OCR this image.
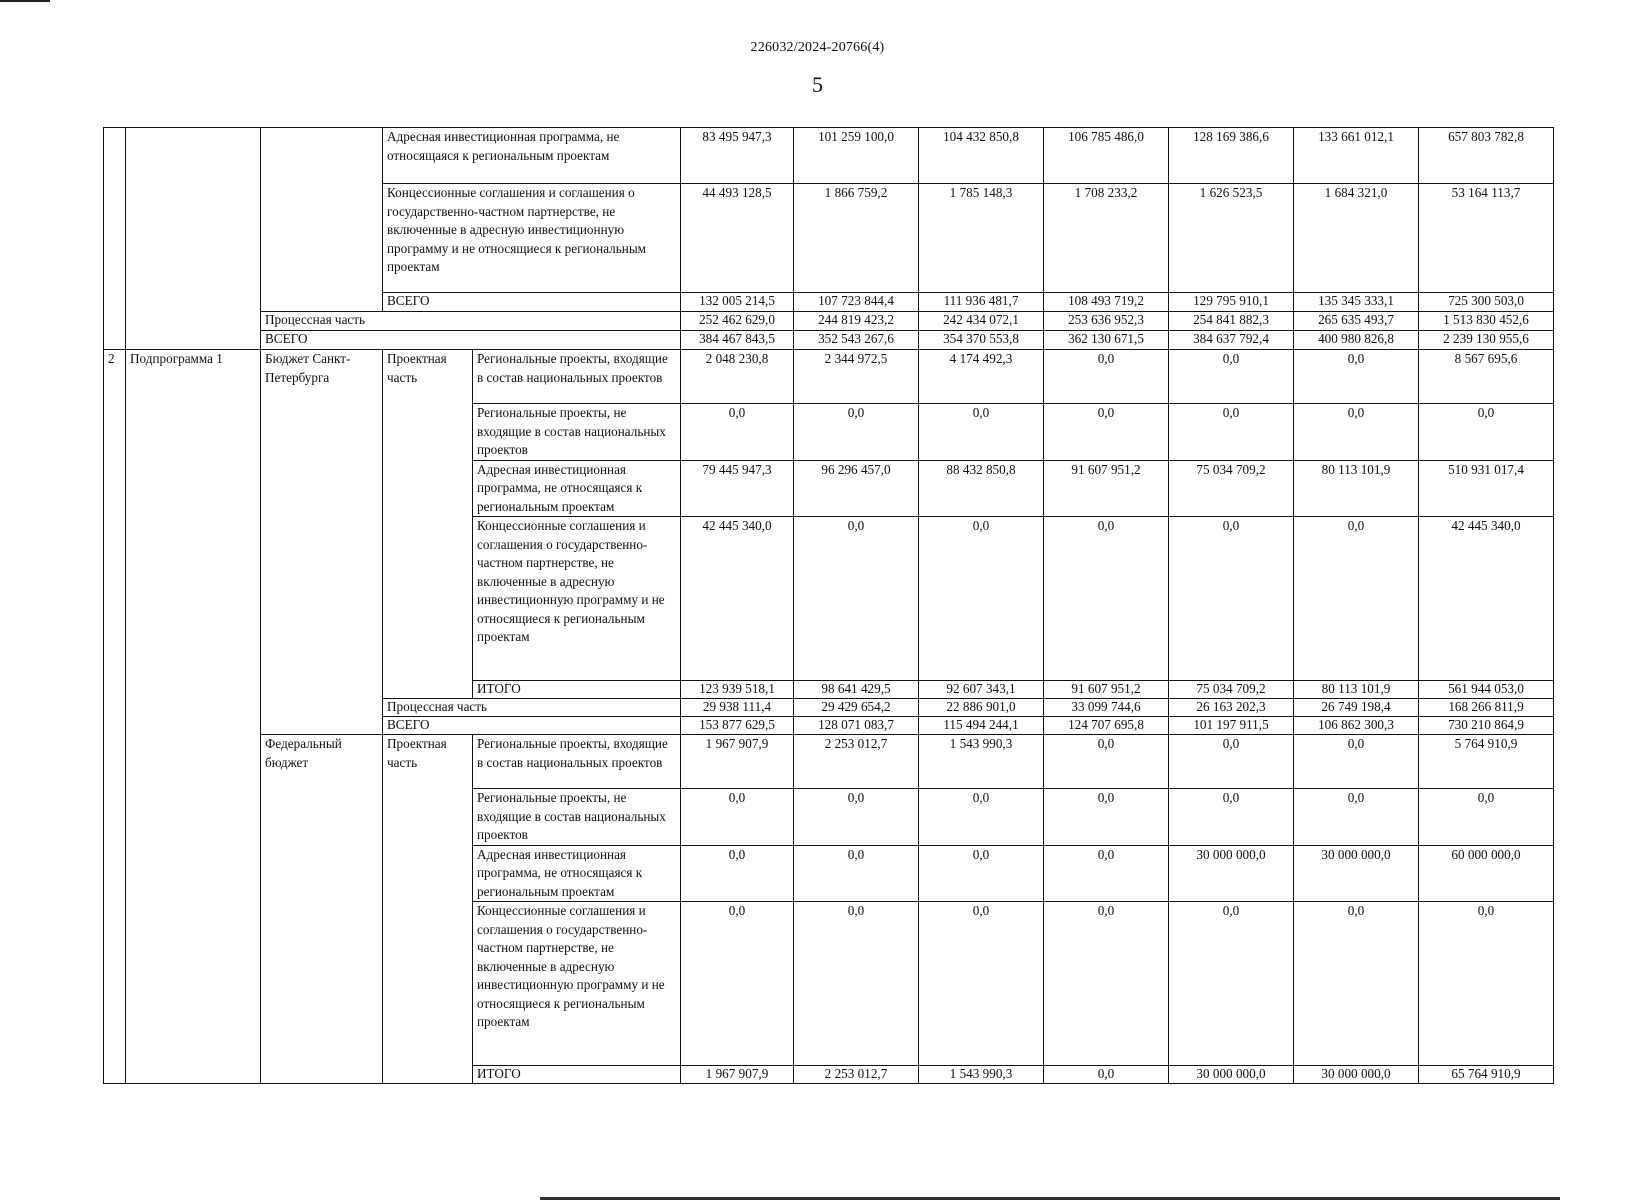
226032/2024-20766(4)
5
			Адресная инвестиционная программа, не относящаяся к региональным проектам		83 495 947,3	101 259 100,0	104 432 850,8	106 785 486,0	128 169 386,6	133 661 012,1	657 803 782,8
			Концессионные соглашения и соглашения о государственно-частном партнерстве, не включенные в адресную инвестиционную программу и не относящиеся к региональным проектам		44 493 128,5	1 866 759,2	1 785 148,3	1 708 233,2	1 626 523,5	1 684 321,0	53 164 113,7
			ВСЕГО		132 005 214,5	107 723 844,4	111 936 481,7	108 493 719,2	129 795 910,1	135 345 333,1	725 300 503,0
		Процессная часть			252 462 629,0	244 819 423,2	242 434 072,1	253 636 952,3	254 841 882,3	265 635 493,7	1 513 830 452,6
		ВСЕГО			384 467 843,5	352 543 267,6	354 370 553,8	362 130 671,5	384 637 792,4	400 980 826,8	2 239 130 955,6
2	Подпрограмма 1	Бюджет Санкт-Петербурга	Проектная часть	Региональные проекты, входящие в состав национальных проектов	2 048 230,8	2 344 972,5	4 174 492,3	0,0	0,0	0,0	8 567 695,6
				Региональные проекты, не входящие в состав национальных проектов	0,0	0,0	0,0	0,0	0,0	0,0	0,0
				Адресная инвестиционная программа, не относящаяся к региональным проектам	79 445 947,3	96 296 457,0	88 432 850,8	91 607 951,2	75 034 709,2	80 113 101,9	510 931 017,4
				Концессионные соглашения и соглашения о государственно-частном партнерстве, не включенные в адресную инвестиционную программу и не относящиеся к региональным проектам	42 445 340,0	0,0	0,0	0,0	0,0	0,0	42 445 340,0
				ИТОГО	123 939 518,1	98 641 429,5	92 607 343,1	91 607 951,2	75 034 709,2	80 113 101,9	561 944 053,0
			Процессная часть		29 938 111,4	29 429 654,2	22 886 901,0	33 099 744,6	26 163 202,3	26 749 198,4	168 266 811,9
			ВСЕГО		153 877 629,5	128 071 083,7	115 494 244,1	124 707 695,8	101 197 911,5	106 862 300,3	730 210 864,9
		Федеральный бюджет	Проектная часть	Региональные проекты, входящие в состав национальных проектов	1 967 907,9	2 253 012,7	1 543 990,3	0,0	0,0	0,0	5 764 910,9
				Региональные проекты, не входящие в состав национальных проектов	0,0	0,0	0,0	0,0	0,0	0,0	0,0
				Адресная инвестиционная программа, не относящаяся к региональным проектам	0,0	0,0	0,0	0,0	30 000 000,0	30 000 000,0	60 000 000,0
				Концессионные соглашения и соглашения о государственно-частном партнерстве, не включенные в адресную инвестиционную программу и не относящиеся к региональным проектам	0,0	0,0	0,0	0,0	0,0	0,0	0,0
				ИТОГО	1 967 907,9	2 253 012,7	1 543 990,3	0,0	30 000 000,0	30 000 000,0	65 764 910,9
